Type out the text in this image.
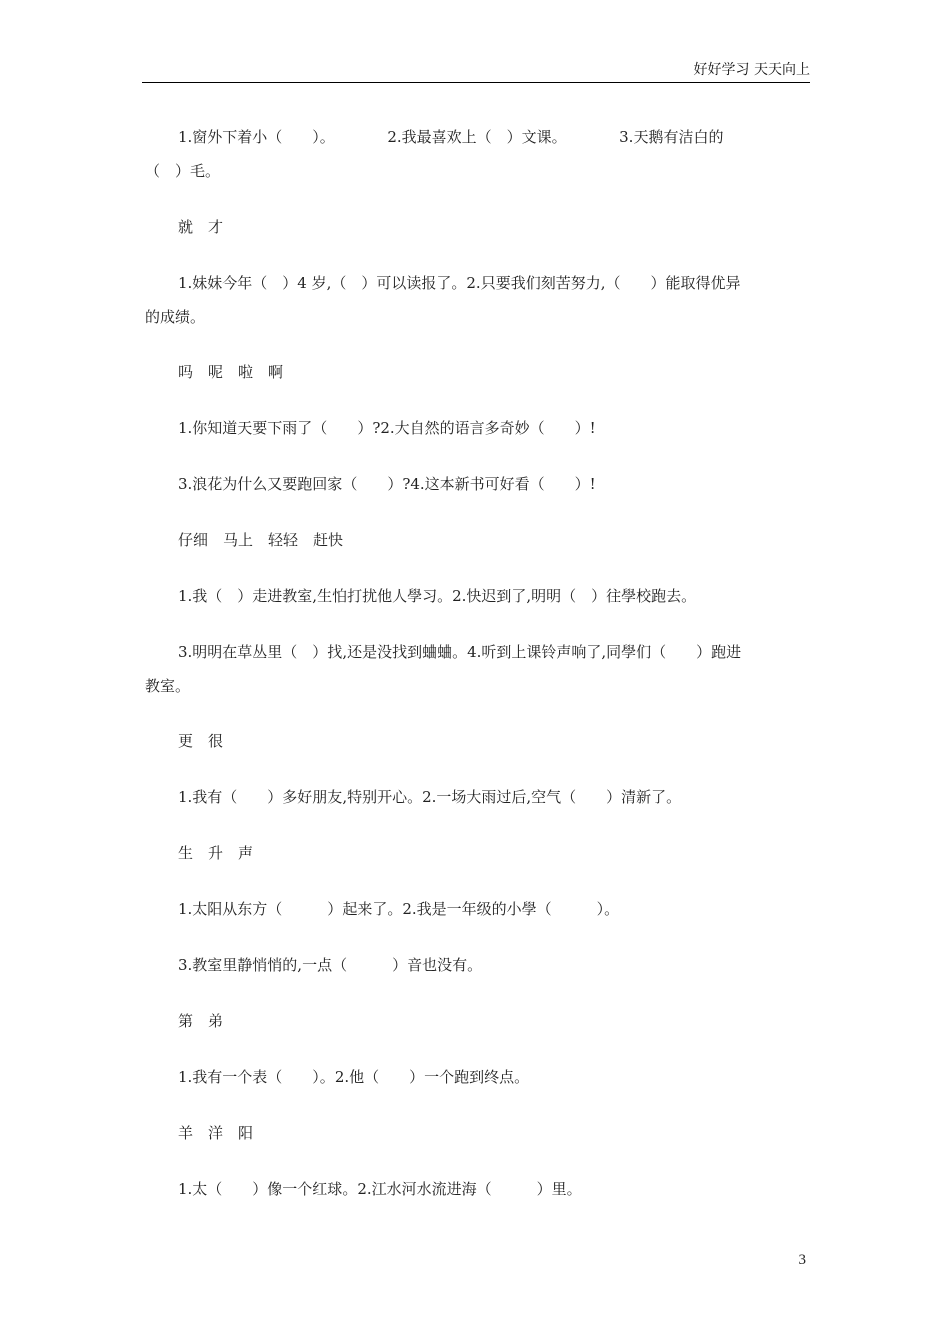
好好学习 天天向上
1.窗外下着小（　　）。　　　　2.我最喜欢上（　）文课。　　　　3.天鹅有洁白的
（　）毛。
就　才
1.妹妹今年（　）4 岁,（　）可以读报了。2.只要我们刻苦努力,（　　）能取得优异
的成绩。
吗　呢　啦　啊
1.你知道天要下雨了（　　）?2.大自然的语言多奇妙（　　）!
3.浪花为什么又要跑回家（　　）?4.这本新书可好看（　　）!
仔细　马上　轻轻　赶快
1.我（　）走进教室,生怕打扰他人學习。2.快迟到了,明明（　）往學校跑去。
3.明明在草丛里（　）找,还是没找到蛐蛐。4.听到上课铃声响了,同學们（　　）跑进
教室。
更　很
1.我有（　　）多好朋友,特别开心。2.一场大雨过后,空气（　　）清新了。
生　升　声
1.太阳从东方（　　　）起来了。2.我是一年级的小學（　　　）。
3.教室里静悄悄的,一点（　　　）音也没有。
第　弟
1.我有一个表（　　）。2.他（　　）一个跑到终点。
羊　洋　阳
1.太（　　）像一个红球。2.江水河水流进海（　　　）里。
3
